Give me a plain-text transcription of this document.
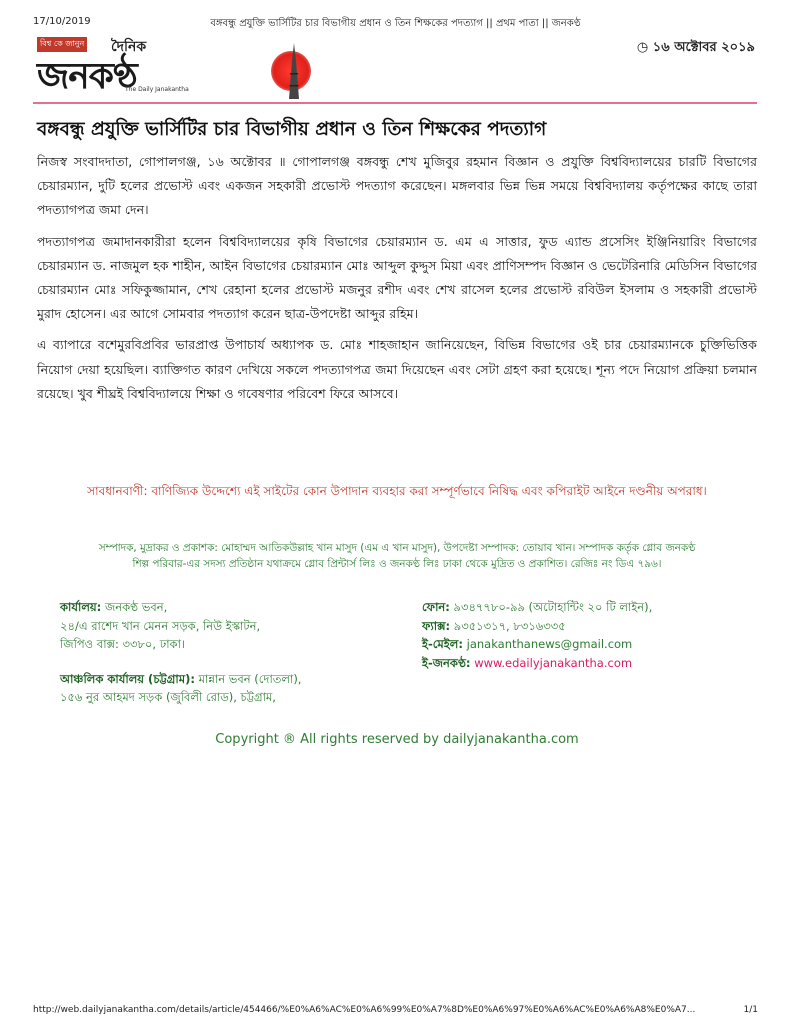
17/10/2019	বঙ্গবন্ধু প্রযুক্তি ভার্সিটির চার বিভাগীয় প্রধান ও তিন শিক্ষকের পদত্যাগ || প্রথম পাতা || জনকণ্ঠ
বিশ্ব কে জানুন দৈনিক
জনকণ্ঠ
The Daily Janakantha
◷ ১৬ অক্টোবর ২০১৯
বঙ্গবন্ধু প্রযুক্তি ভার্সিটির চার বিভাগীয় প্রধান ও তিন শিক্ষকের পদত্যাগ

নিজস্ব সংবাদদাতা, গোপালগঞ্জ, ১৬ অক্টোবর ॥ গোপালগঞ্জ বঙ্গবন্ধু শেখ মুজিবুর রহমান বিজ্ঞান ও প্রযুক্তি বিশ্ববিদ্যালয়ের চারটি বিভাগের চেয়ারম্যান, দুটি হলের প্রভোস্ট এবং একজন সহকারী প্রভোস্ট পদত্যাগ করেছেন। মঙ্গলবার ভিন্ন ভিন্ন সময়ে বিশ্ববিদ্যালয় কর্তৃপক্ষের কাছে তারা পদত্যাগপত্র জমা দেন।

পদত্যাগপত্র জমাদানকারীরা হলেন বিশ্ববিদ্যালয়ের কৃষি বিভাগের চেয়ারম্যান ড. এম এ সাত্তার, ফুড এ্যান্ড প্রসেসিং ইঞ্জিনিয়ারিং বিভাগের চেয়ারম্যান ড. নাজমুল হক শাহীন, আইন বিভাগের চেয়ারম্যান মোঃ আব্দুল কুদ্দুস মিয়া এবং প্রাণিসম্পদ বিজ্ঞান ও ভেটেরিনারি মেডিসিন বিভাগের চেয়ারম্যান মোঃ সফিকুজ্জামান, শেখ রেহানা হলের প্রভোস্ট মজনুর রশীদ এবং শেখ রাসেল হলের প্রভোস্ট রবিউল ইসলাম ও সহকারী প্রভোস্ট মুরাদ হোসেন। এর আগে সোমবার পদত্যাগ করেন ছাত্র-উপদেষ্টা আব্দুর রহিম।

এ ব্যাপারে বশেমুরবিপ্রবির ভারপ্রাপ্ত উপাচার্য অধ্যাপক ড. মোঃ শাহজাহান জানিয়েছেন, বিভিন্ন বিভাগের ওই চার চেয়ারম্যানকে চুক্তিভিত্তিক নিয়োগ দেয়া হয়েছিল। ব্যাক্তিগত কারণ দেখিয়ে সকলে পদত্যাগপত্র জমা দিয়েছেন এবং সেটা গ্রহণ করা হয়েছে। শূন্য পদে নিয়োগ প্রক্রিয়া চলমান রয়েছে। খুব শীঘ্রই বিশ্ববিদ্যালয়ে শিক্ষা ও গবেষণার পরিবেশ ফিরে আসবে।

সাবধানবাণী: বাণিজ্যিক উদ্দেশ্যে এই সাইটের কোন উপাদান ব্যবহার করা সম্পূর্ণভাবে নিষিদ্ধ এবং কপিরাইট আইনে দণ্ডনীয় অপরাধ।
সম্পাদক, মুদ্রাকর ও প্রকাশক: মোহাম্মদ আতিকউল্লাহ খান মাসুদ (এম এ খান মাসুদ), উপদেষ্টা সম্পাদক: তোয়াব খান। সম্পাদক কর্তৃক গ্লোব জনকণ্ঠ
শিল্প পরিবার-এর সদস্য প্রতিষ্ঠান যথাক্রমে গ্লোব প্রিন্টার্স লিঃ ও জনকণ্ঠ লিঃ ঢাকা থেকে মুদ্রিত ও প্রকাশিত। রেজিঃ নং ডিএ ৭৯৬।
কার্যালয়: জনকণ্ঠ ভবন,
২৪/এ রাশেদ খান মেনন সড়ক, নিউ ইস্কাটন,
জিপিও বাক্স: ৩৩৮০, ঢাকা।
আঞ্চলিক কার্যালয় (চট্টগ্রাম): মান্নান ভবন (দোতলা),
১৫৬ নুর আহমদ সড়ক (জুবিলী রোড), চট্টগ্রাম,
ফোন: ৯৩৪৭৭৮০-৯৯ (অটোহান্টিং ২০ টি লাইন),
ফ্যাক্স: ৯৩৫১৩১৭, ৮৩১৬৩৩৫
ই-মেইল: janakanthanews@gmail.com
ই-জনকণ্ঠ: www.edailyjanakantha.com
Copyright ® All rights reserved by dailyjanakantha.com
http://web.dailyjanakantha.com/details/article/454466/%E0%A6%AC%E0%A6%99%E0%A7%8D%E0%A6%97%E0%A6%AC%E0%A6%A8%E0%A7...	1/1
